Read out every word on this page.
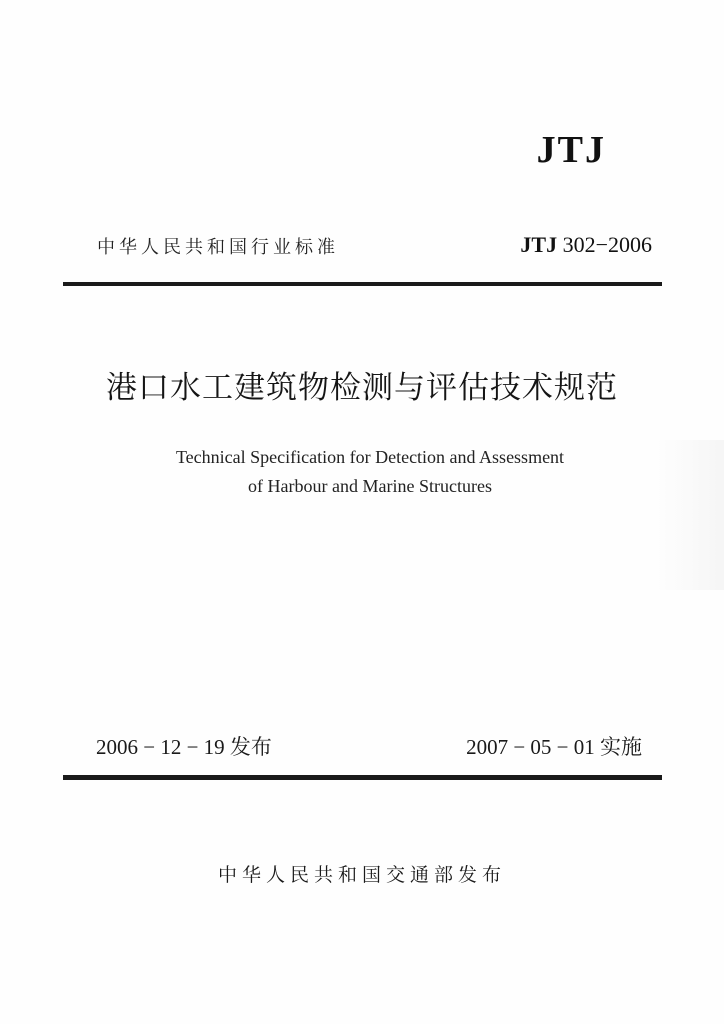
JTJ
中华人民共和国行业标准	JTJ 302−2006
港口水工建筑物检测与评估技术规范
Technical Specification for Detection and Assessment
of Harbour and Marine Structures
2006 − 12 − 19 发布	2007 − 05 − 01 实施
中华人民共和国交通部发布
